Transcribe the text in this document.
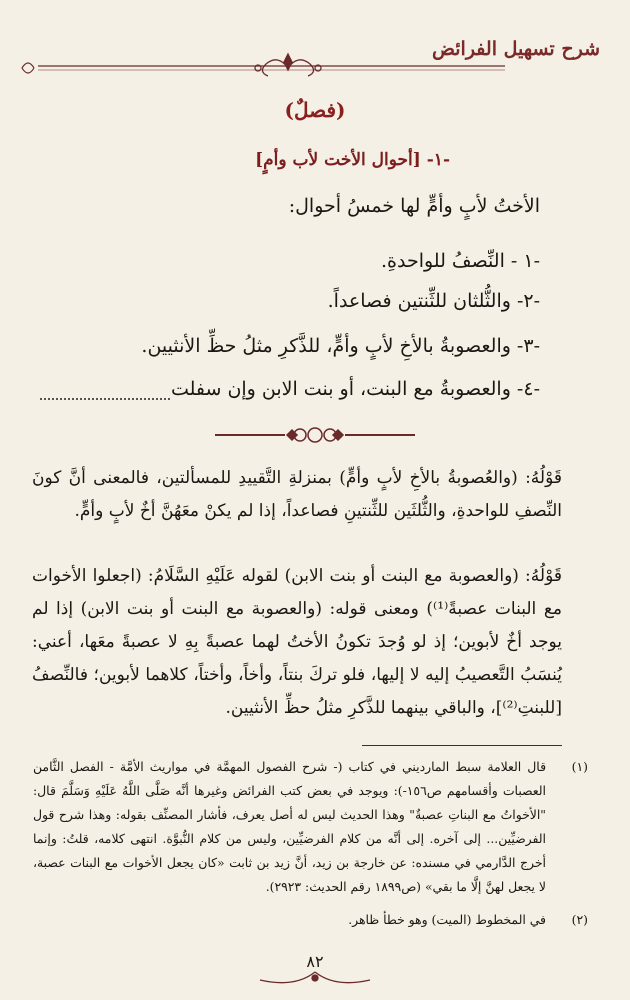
شرح تسهيل الفرائض
(فصلٌ)
-١- [أحوال الأخت لأب وأمٍ]
الأختُ لأبٍ وأمٍّ لها خمسُ أحوال:
-١ - النِّصفُ للواحدةِ.
-٢- والثُّلثان للثِّنتين فصاعداً.
-٣- والعصوبةُ بالأخِ لأبٍ وأمٍّ، للذَّكرِ مثلُ حظِّ الأنثيين.
-٤- والعصوبةُ مع البنت، أو بنت الابن وإن سفلت
قَوْلُهُ: (والعُصوبةُ بالأخِ لأبٍ وأمٍّ) بمنزلةِ التَّقييدِ للمسألتين، فالمعنى أنَّ كونَ النِّصفِ للواحدةِ، والثُّلثَين للثِّنتينِ فصاعداً، إذا لم يكنْ معَهُنَّ أخٌ لأبٍ وأمٍّ.
قَوْلُهُ: (والعصوبة مع البنت أو بنت الابن) لقوله عَلَيْهِ السَّلَامُ: (اجعلوا الأخوات مع البنات عصبةً⁽¹⁾) ومعنى قوله: (والعصوبة مع البنت أو بنت الابن) إذا لم يوجد أخٌ لأبوين؛ إذ لو وُجدَ تكونُ الأختُ لهما عصبةً بِهِ لا عصبةً معَها، أعني: يُنسَبُ التَّعصيبُ إليه لا إليها، فلو تركَ بنتاً، وأخاً، وأختاً، كلاهما لأبوين؛ فالنِّصفُ [للبنتِ⁽²⁾]، والباقي بينهما للذَّكرِ مثلُ حظِّ الأنثيين.
(١)
قال العلامة سبط المارديني في كتاب (- شرح الفصول المهمَّة في مواريث الأمَّة - الفصل الثَّامن العصبات وأقسامهم ص١٥٦-): ويوجد في بعض كتب الفرائض وغيرها أنَّه صَلَّى اللَّهُ عَلَيْهِ وَسَلَّمَ قال: "الأخواتُ مع البناتِ عصبةٌ" وهذا الحديث ليس له أصل يعرف، فأشار المصنِّف بقوله: وهذا شرح قول الفرضيِّين... إلى آخره. إلى أنَّه من كلام الفرضيِّين، وليس من كلام النُّبوَّة. انتهى كلامه، قلتُ: وإنما أخرج الدَّارمي في مسنده: عن خارجة بن زيد، أنَّ زيد بن ثابت «كان يجعل الأخوات مع البنات عصبة، لا يجعل لهنَّ إلَّا ما بقي» (ص١٨٩٩ رقم الحديث: ٢٩٢٣).
(٢)
في المخطوط (الميت) وهو خطأ ظاهر.
٨٢
